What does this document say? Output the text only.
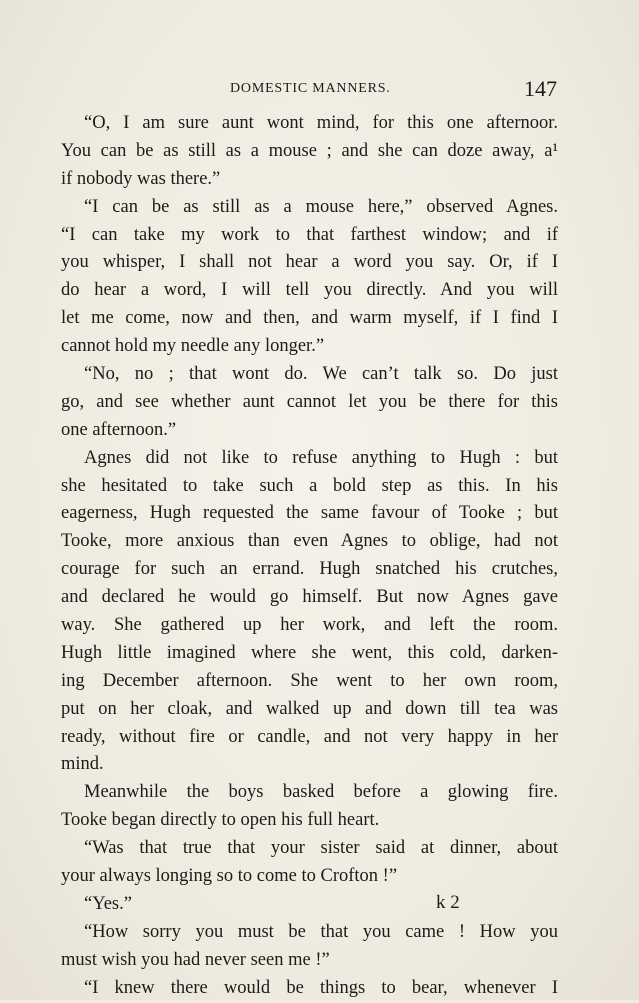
DOMESTIC MANNERS.	147
“O, I am sure aunt wont mind, for this one afternoor.
You can be as still as a mouse ; and she can doze away, a¹
if nobody was there.”
“I can be as still as a mouse here,” observed Agnes.
“I can take my work to that farthest window; and if
you whisper, I shall not hear a word you say. Or, if I
do hear a word, I will tell you directly. And you will
let me come, now and then, and warm myself, if I find I
cannot hold my needle any longer.”
“No, no ; that wont do. We can’t talk so. Do just
go, and see whether aunt cannot let you be there for this
one afternoon.”
Agnes did not like to refuse anything to Hugh : but
she hesitated to take such a bold step as this. In his
eagerness, Hugh requested the same favour of Tooke ; but
Tooke, more anxious than even Agnes to oblige, had not
courage for such an errand. Hugh snatched his crutches,
and declared he would go himself. But now Agnes gave
way. She gathered up her work, and left the room.
Hugh little imagined where she went, this cold, darken-
ing December afternoon. She went to her own room,
put on her cloak, and walked up and down till tea was
ready, without fire or candle, and not very happy in her
mind.
Meanwhile the boys basked before a glowing fire.
Tooke began directly to open his full heart.
“Was that true that your sister said at dinner, about
your always longing so to come to Crofton !”
“Yes.”
“How sorry you must be that you came ! How you
must wish you had never seen me !”
“I knew there would be things to bear, whenever I
k 2
